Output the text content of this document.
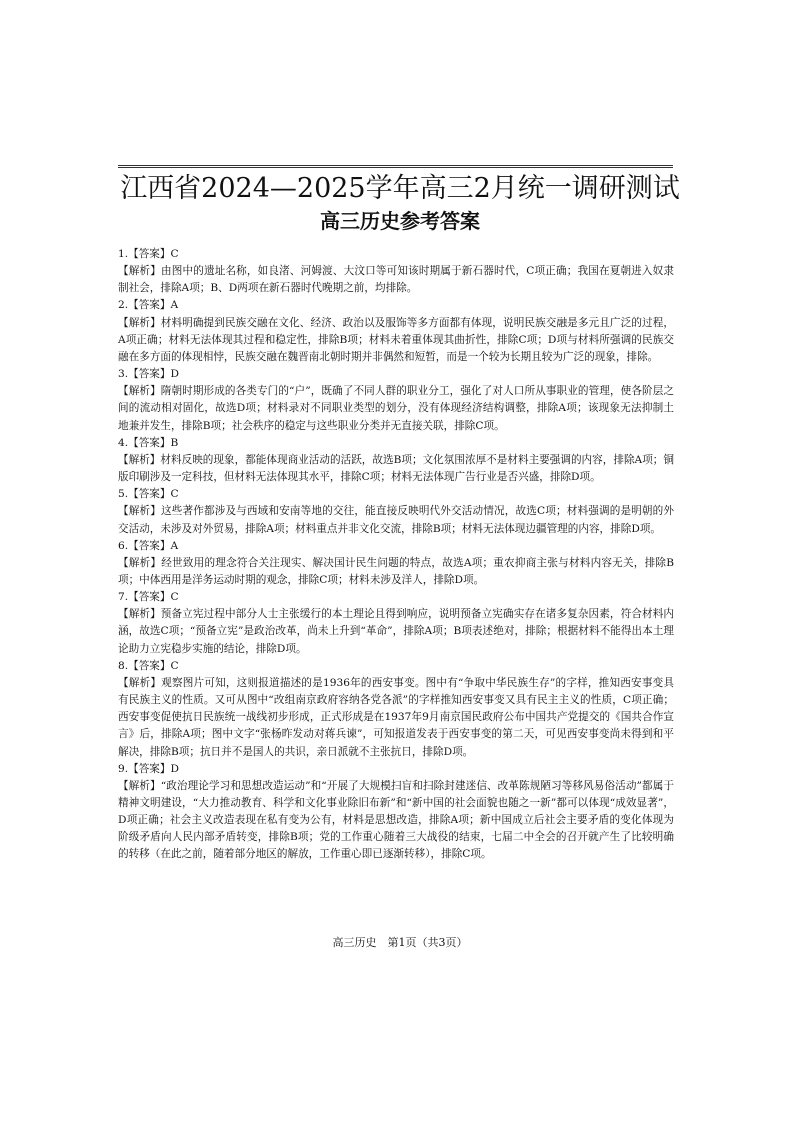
江西省2024—2025学年高三2月统一调研测试
高三历史参考答案
1.【答案】C
【解析】由图中的遗址名称，如良渚、河姆渡、大汶口等可知该时期属于新石器时代，C项正确；我国在夏朝进入奴隶制社会，排除A项；B、D两项在新石器时代晚期之前，均排除。
2.【答案】A
【解析】材料明确提到民族交融在文化、经济、政治以及服饰等多方面都有体现，说明民族交融是多元且广泛的过程，A项正确；材料无法体现其过程和稳定性，排除B项；材料未着重体现其曲折性，排除C项；D项与材料所强调的民族交融在多方面的体现相悖，民族交融在魏晋南北朝时期并非偶然和短暂，而是一个较为长期且较为广泛的现象，排除。
3.【答案】D
【解析】隋朝时期形成的各类专门的“户”，既确了不同人群的职业分工，强化了对人口所从事职业的管理，使各阶层之间的流动相对固化，故选D项；材料录对不同职业类型的划分，没有体现经济结构调整，排除A项；该现象无法抑制土地兼并发生，排除B项；社会秩序的稳定与这些职业分类并无直接关联，排除C项。
4.【答案】B
【解析】材料反映的现象，都能体现商业活动的活跃，故选B项；文化氛围浓厚不是材料主要强调的内容，排除A项；铜版印刷涉及一定科技，但材料无法体现其水平，排除C项；材料无法体现广告行业是否兴盛，排除D项。
5.【答案】C
【解析】这些著作都涉及与西域和安南等地的交往，能直接反映明代外交活动情况，故选C项；材料强调的是明朝的外交活动，未涉及对外贸易，排除A项；材料重点并非文化交流，排除B项；材料无法体现边疆管理的内容，排除D项。
6.【答案】A
【解析】经世致用的理念符合关注现实、解决国计民生问题的特点，故选A项；重农抑商主张与材料内容无关，排除B项；中体西用是洋务运动时期的观念，排除C项；材料未涉及洋人，排除D项。
7.【答案】C
【解析】预备立宪过程中部分人士主张缓行的本土理论且得到响应，说明预备立宪确实存在诸多复杂因素，符合材料内涵，故选C项；“预备立宪”是政治改革，尚未上升到“革命”，排除A项；B项表述绝对，排除；根据材料不能得出本土理论助力立宪稳步实施的结论，排除D项。
8.【答案】C
【解析】观察图片可知，这则报道描述的是1936年的西安事变。图中有“争取中华民族生存”的字样，推知西安事变具有民族主义的性质。又可从图中“改组南京政府容纳各党各派”的字样推知西安事变又具有民主主义的性质，C项正确；西安事变促使抗日民族统一战线初步形成，正式形成是在1937年9月南京国民政府公布中国共产党提交的《国共合作宣言》后，排除A项；图中文字“张杨昨发动对蒋兵谏”，可知报道发表于西安事变的第二天，可见西安事变尚未得到和平解决，排除B项；抗日并不是国人的共识，亲日派就不主张抗日，排除D项。
9.【答案】D
【解析】“政治理论学习和思想改造运动”和“开展了大规模扫盲和扫除封建迷信、改革陈规陋习等移风易俗活动”都属于精神文明建设，“大力推动教育、科学和文化事业除旧布新”和“新中国的社会面貌也随之一新”都可以体现“成效显著”，D项正确；社会主义改造表现在私有变为公有，材料是思想改造，排除A项；新中国成立后社会主要矛盾的变化体现为阶级矛盾向人民内部矛盾转变，排除B项；党的工作重心随着三大战役的结束，七届二中全会的召开就产生了比较明确的转移（在此之前，随着部分地区的解放，工作重心即已逐渐转移），排除C项。
高三历史　第1页（共3页）
